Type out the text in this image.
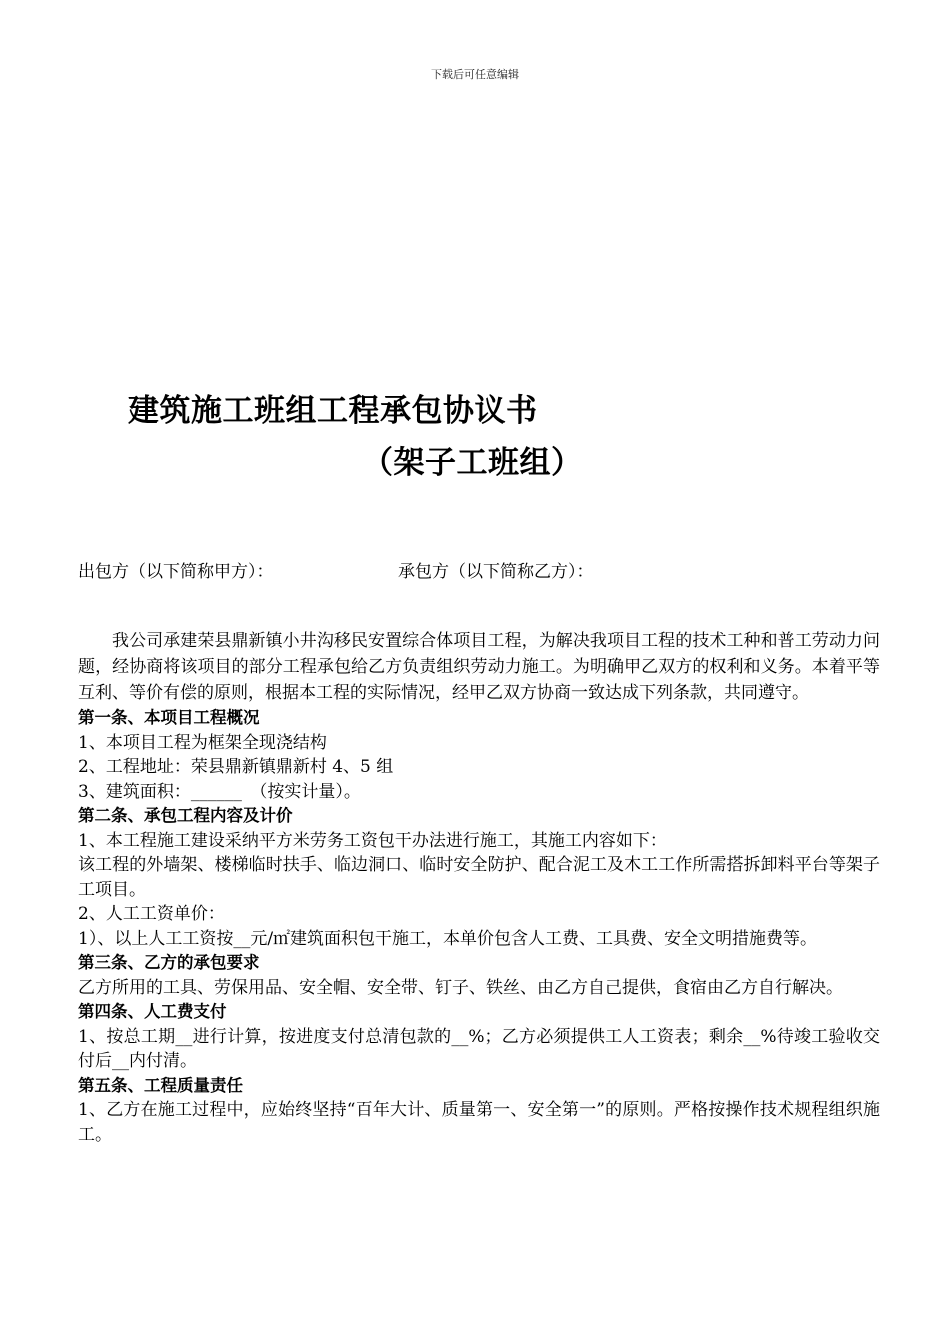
下载后可任意编辑
建筑施工班组工程承包协议书
（架子工班组）
出包方（以下简称甲方）：	承包方（以下简称乙方）：

我公司承建荣县鼎新镇小井沟移民安置综合体项目工程，为解决我项目工程的技术工种和普工劳动力问题，经协商将该项目的部分工程承包给乙方负责组织劳动力施工。为明确甲乙双方的权利和义务。本着平等互利、等价有偿的原则，根据本工程的实际情况，经甲乙双方协商一致达成下列条款，共同遵守。

第一条、本项目工程概况

1、本项目工程为框架全现浇结构

2、工程地址：荣县鼎新镇鼎新村 4、5 组

3、建筑面积：______　（按实计量）。

第二条、承包工程内容及计价

1、本工程施工建设采纳平方米劳务工资包干办法进行施工，其施工内容如下：

该工程的外墙架、楼梯临时扶手、临边洞口、临时安全防护、配合泥工及木工工作所需搭拆卸料平台等架子工项目。

2、人工工资单价：

1）、以上人工工资按__元/㎡建筑面积包干施工，本单价包含人工费、工具费、安全文明措施费等。

第三条、乙方的承包要求

乙方所用的工具、劳保用品、安全帽、安全带、钉子、铁丝、由乙方自己提供，食宿由乙方自行解决。

第四条、人工费支付

1、按总工期__进行计算，按进度支付总清包款的__%；乙方必须提供工人工资表；剩余__%待竣工验收交付后__内付清。

第五条、工程质量责任

1、乙方在施工过程中，应始终坚持“百年大计、质量第一、安全第一”的原则。严格按操作技术规程组织施工。
